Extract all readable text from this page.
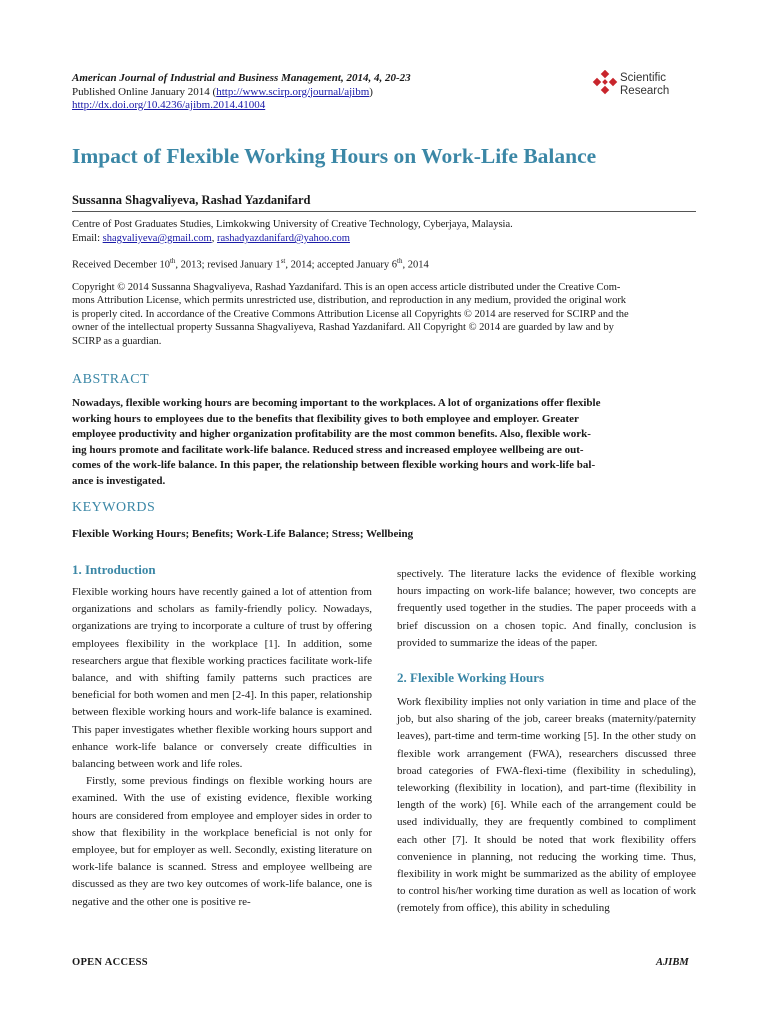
American Journal of Industrial and Business Management, 2014, 4, 20-23
Published Online January 2014 (http://www.scirp.org/journal/ajibm)
http://dx.doi.org/10.4236/ajibm.2014.41004
Scientific
Research
Impact of Flexible Working Hours on Work-Life Balance
Sussanna Shagvaliyeva, Rashad Yazdanifard
Centre of Post Graduates Studies, Limkokwing University of Creative Technology, Cyberjaya, Malaysia.
Email: shagvaliyeva@gmail.com, rashadyazdanifard@yahoo.com
Received December 10th, 2013; revised January 1st, 2014; accepted January 6th, 2014
Copyright © 2014 Sussanna Shagvaliyeva, Rashad Yazdanifard. This is an open access article distributed under the Creative Com-
mons Attribution License, which permits unrestricted use, distribution, and reproduction in any medium, provided the original work
is properly cited. In accordance of the Creative Commons Attribution License all Copyrights © 2014 are reserved for SCIRP and the
owner of the intellectual property Sussanna Shagvaliyeva, Rashad Yazdanifard. All Copyright © 2014 are guarded by law and by
SCIRP as a guardian.
ABSTRACT
Nowadays, flexible working hours are becoming important to the workplaces. A lot of organizations offer flexible
working hours to employees due to the benefits that flexibility gives to both employee and employer. Greater
employee productivity and higher organization profitability are the most common benefits. Also, flexible work-
ing hours promote and facilitate work-life balance. Reduced stress and increased employee wellbeing are out-
comes of the work-life balance. In this paper, the relationship between flexible working hours and work-life bal-
ance is investigated.
KEYWORDS
Flexible Working Hours; Benefits; Work-Life Balance; Stress; Wellbeing
1. Introduction

Flexible working hours have recently gained a lot of attention from organizations and scholars as family-friendly policy. Nowadays, organizations are trying to incorporate a culture of trust by offering employees flexibility in the workplace [1]. In addition, some researchers argue that flexible working practices facilitate work-life balance, and with shifting family patterns such practices are beneficial for both women and men [2-4]. In this paper, relationship between flexible working hours and work-life balance is examined. This paper investigates whether flexible working hours support and enhance work-life balance or conversely create difficulties in balancing between work and life roles.

Firstly, some previous findings on flexible working hours are examined. With the use of existing evidence, flexible working hours are considered from employee and employer sides in order to show that flexibility in the workplace beneficial is not only for employee, but for employer as well. Secondly, existing literature on work-life balance is scanned. Stress and employee wellbeing are discussed as they are two key outcomes of work-life balance, one is negative and the other one is positive re-

spectively. The literature lacks the evidence of flexible working hours impacting on work-life balance; however, two concepts are frequently used together in the studies. The paper proceeds with a brief discussion on a chosen topic. And finally, conclusion is provided to summarize the ideas of the paper.

2. Flexible Working Hours

Work flexibility implies not only variation in time and place of the job, but also sharing of the job, career breaks (maternity/paternity leaves), part-time and term-time working [5]. In the other study on flexible work arrangement (FWA), researchers discussed three broad categories of FWA-flexi-time (flexibility in scheduling), teleworking (flexibility in location), and part-time (flexibility in length of the work) [6]. While each of the arrangement could be used individually, they are frequently combined to compliment each other [7]. It should be noted that work flexibility offers convenience in planning, not reducing the working time. Thus, flexibility in work might be summarized as the ability of employee to control his/her working time duration as well as location of work (remotely from office), this ability in scheduling

OPEN ACCESS	AJIBM
